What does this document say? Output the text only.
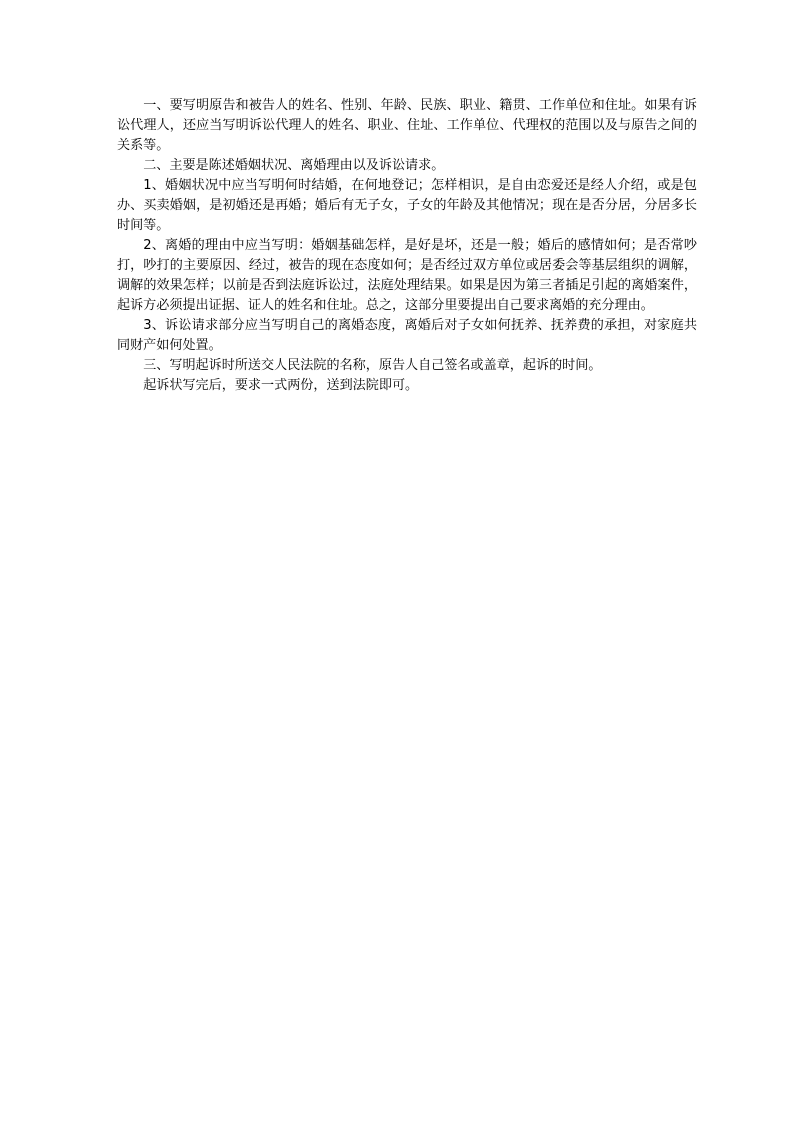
一、要写明原告和被告人的姓名、性别、年龄、民族、职业、籍贯、工作单位和住址。如果有诉讼代理人，还应当写明诉讼代理人的姓名、职业、住址、工作单位、代理权的范围以及与原告之间的关系等。

二、主要是陈述婚姻状况、离婚理由以及诉讼请求。

1、婚姻状况中应当写明何时结婚，在何地登记；怎样相识，是自由恋爱还是经人介绍，或是包办、买卖婚姻，是初婚还是再婚；婚后有无子女，子女的年龄及其他情况；现在是否分居，分居多长时间等。

2、离婚的理由中应当写明：婚姻基础怎样，是好是坏，还是一般；婚后的感情如何；是否常吵打，吵打的主要原因、经过，被告的现在态度如何；是否经过双方单位或居委会等基层组织的调解，调解的效果怎样；以前是否到法庭诉讼过，法庭处理结果。如果是因为第三者插足引起的离婚案件，起诉方必须提出证据、证人的姓名和住址。总之，这部分里要提出自己要求离婚的充分理由。

3、诉讼请求部分应当写明自己的离婚态度，离婚后对子女如何抚养、抚养费的承担，对家庭共同财产如何处置。

三、写明起诉时所送交人民法院的名称，原告人自己签名或盖章，起诉的时间。

起诉状写完后，要求一式两份，送到法院即可。
